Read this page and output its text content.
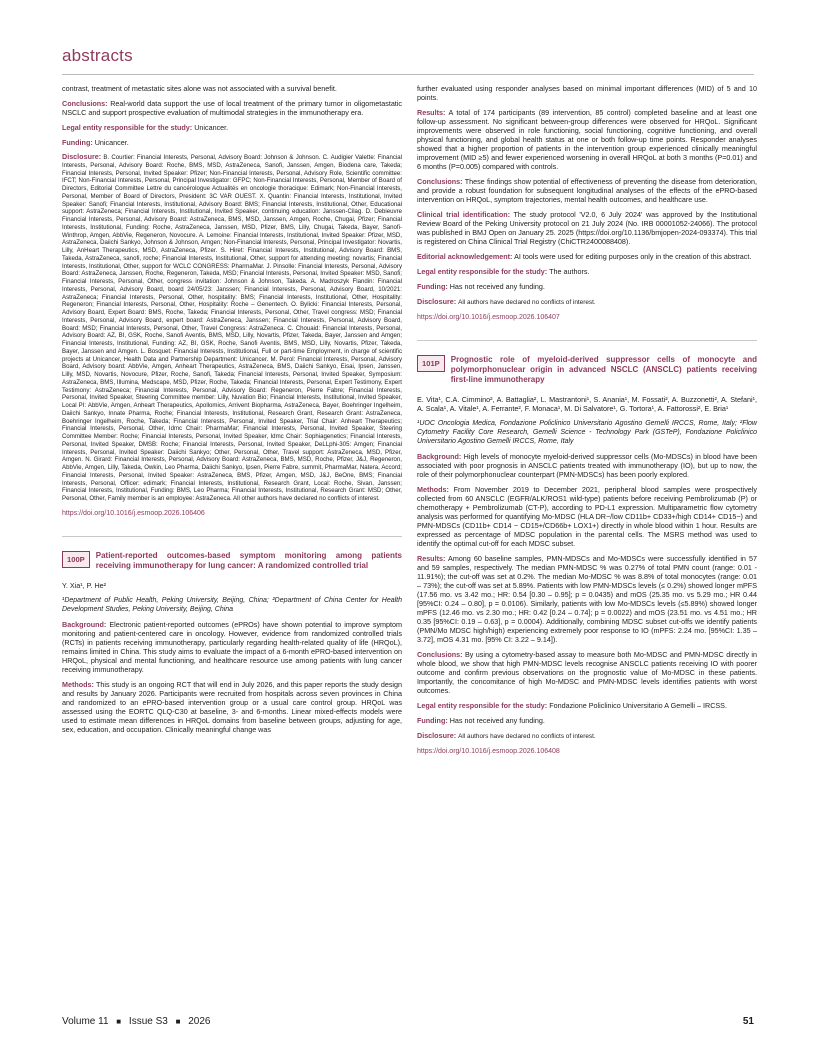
abstracts

contrast, treatment of metastatic sites alone was not associated with a survival benefit.

Conclusions: Real-world data support the use of local treatment of the primary tumor in oligometastatic NSCLC and support prospective evaluation of multimodal strategies in the immunotherapy era.

Legal entity responsible for the study: Unicancer.

Funding: Unicancer.

Disclosure: B. Courtier: Financial Interests, Personal, Advisory Board: Johnson & Johnson. C. Audigier Valette: Financial Interests, Personal, Advisory Board: Roche, BMS, MSD, AstraZeneca, Sanofi, Janssen, Amgen, Biodena care, Takeda; Financial Interests, Personal, Invited Speaker: Pfizer; Non-Financial Interests, Personal, Advisory Role, Scientific committee: IFCT; Non-Financial Interests, Personal, Principal Investigator: GFPC; Non-Financial Interests, Personal, Member of Board of Directors, Editorial Committee Lettre du cancérologue Actualités en oncologie thoracique: Edimark; Non-Financial Interests, Personal, Member of Board of Directors, President: 3C VAR OUEST. X. Quantin: Financial Interests, Institutional, Invited Speaker: Sanofi; Financial Interests, Institutional, Advisory Board: BMS; Financial Interests, Institutional, Other, Educational support: AstraZeneca; Financial Interests, Institutional, Invited Speaker, continuing education: Janssen-Cilag. D. Debieuvre Financial Interests, Personal, Advisory Board: AstraZeneca, BMS, MSD, Janssen, Amgen, Roche, Chugai, Pfizer; Financial Interests, Institutional, Funding: Roche, AstraZeneca, Janssen, MSD, Pfizer, BMS, Lilly, Chugai, Takeda, Bayer, Sanofi-Winthrop, Amgen, AbbVie, Regeneron, Novocure. A. Lemoine: Financial Interests, Institutional, Invited Speaker: Pfizer, MSD, AstraZeneca, Daiichi Sankyo, Johnson & Johnson, Amgen; Non-Financial Interests, Personal, Principal Investigator: Novartis, Lilly, AnHeart Therapeutics, MSD, AstraZeneca, Pfizer. S. Hiret: Financial Interests, Institutional, Advisory Board: BMS, Takeda, AstraZeneca, sanofi, roche; Financial Interests, Institutional, Other, support for attending meeting: novartis; Financial Interests, Institutional, Other, support for WCLC CONGRESS: PharmaMar. J. Pinsolle: Financial Interests, Personal, Advisory Board: AstraZeneca, Janssen, Roche, Regeneron, Takeda, MSD; Financial Interests, Personal, Invited Speaker: MSD, Sanofi; Financial Interests, Personal, Other, congress invitation: Johnson & Johnson, Takeda. A. Madroszyk Flandin: Financial Interests, Personal, Advisory Board, board 24/05/23: Janssen; Financial Interests, Personal, Advisory Board, 10/2021: AstraZeneca; Financial Interests, Personal, Other, hospitality: BMS; Financial Interests, Institutional, Other, Hospitality: Regeneron; Financial Interests, Personal, Other, Hospitality: Roche – Genentech. O. Bylicki: Financial Interests, Personal, Advisory Board, Expert Board: BMS, Roche, Takeda; Financial Interests, Personal, Other, Travel congress: MSD; Financial Interests, Personal, Advisory Board, expert board: AstraZeneca, Janssen; Financial Interests, Personal, Advisory Board, Board: MSD; Financial Interests, Personal, Other, Travel Congress: AstraZeneca. C. Chouaid: Financial Interests, Personal, Advisory Board: AZ, BI, GSK, Roche, Sanofi Aventis, BMS, MSD, Lilly, Novartis, Pfizer, Takeda, Bayer, Janssen and Amgen; Financial Interests, Institutional, Funding: AZ, BI, GSK, Roche, Sanofi Aventis, BMS, MSD, Lilly, Novartis, Pfizer, Takeda, Bayer, Janssen and Amgen. L. Bosquet: Financial Interests, Institutional, Full or part-time Employment, in charge of scientific projects at Unicancer, Health Data and Partnership Department: Unicancer. M. Perol: Financial Interests, Personal, Advisory Board, Advisory board: AbbVie, Amgen, Anheart Therapeutics, AstraZeneca, BMS, Daiichi Sankyo, Eisai, Ipsen, Janssen, Lilly, MSD, Novartis, Novocure, Pfizer, Roche, Sanofi, Takeda; Financial Interests, Personal, Invited Speaker, Symposium: AstraZeneca, BMS, Illumina, Medscape, MSD, Pfizer, Roche, Takeda; Financial Interests, Personal, Expert Testimony, Expert Testimony: AstraZeneca; Financial Interests, Personal, Advisory Board: Regeneron, Pierre Fabre; Financial Interests, Personal, Invited Speaker, Steering Committee member: Lilly, Nuvation Bio; Financial Interests, Institutional, Invited Speaker, Local PI: AbbVie, Amgen, Anheart Therapeutics, Apollomics, Arrivent Biopharma, AstraZeneca, Bayer, Boehringer Ingelheim, Daiichi Sankyo, Innate Pharma, Roche; Financial Interests, Institutional, Research Grant, Research Grant: AstraZeneca, Boehringer Ingelheim, Roche, Takeda; Financial Interests, Personal, Invited Speaker, Trial Chair: Anheart Therapeutics; Financial Interests, Personal, Other, Idmc Chair: PharmaMar; Financial Interests, Personal, Invited Speaker, Steering Committee Member: Roche; Financial Interests, Personal, Invited Speaker, Idmc Chair: Sophiagenetics; Financial Interests, Personal, Invited Speaker, DMSB: Roche; Financial Interests, Personal, Invited Speaker, DeLLphi-305: Amgen; Financial Interests, Personal, Invited Speaker: Daiichi Sankyo; Other, Personal, Other, Travel support: AstraZeneca, MSD, Pfizer, Amgen. N. Girard: Financial Interests, Personal, Advisory Board: AstraZeneca, BMS, MSD, Roche, Pfizer, J&J, Regeneron, AbbVie, Amgen, Lilly, Takeda, Owkin, Leo Pharma, Daiichi Sankyo, Ipsen, Pierre Fabre, summit, PharmaMar, Natera, Accord; Financial Interests, Personal, Invited Speaker: AstraZeneca, BMS, Pfizer, Amgen, MSD, J&J, BeOne, BMS; Financial Interests, Personal, Officer: edimark; Financial Interests, Institutional, Research Grant, Local: Roche, Sivan, Janssen; Financial Interests, Institutional, Funding: BMS, Leo Pharma; Financial Interests, Institutional, Research Grant: MSD; Other, Personal, Other, Family member is an employee: AstraZeneca. All other authors have declared no conflicts of interest.

https://doi.org/10.1016/j.esmoop.2026.106406
100P	Patient-reported outcomes-based symptom monitoring among patients receiving immunotherapy for lung cancer: A randomized controlled trial

Y. Xia¹, P. He²

¹Department of Public Health, Peking University, Beijing, China; ²Department of China Center for Health Development Studies, Peking University, Beijing, China

Background: Electronic patient-reported outcomes (ePROs) have shown potential to improve symptom monitoring and patient-centered care in oncology. However, evidence from randomized controlled trials (RCTs) in patients receiving immunotherapy, particularly regarding health-related quality of life (HRQoL), remains limited in China. This study aims to evaluate the impact of a 6-month ePRO-based intervention on HRQoL, physical and mental functioning, and healthcare resource use among patients with lung cancer receiving immunotherapy.

Methods: This study is an ongoing RCT that will end in July 2026, and this paper reports the study design and results by January 2026. Participants were recruited from hospitals across seven provinces in China and randomized to an ePRO-based intervention group or a usual care control group. HRQoL was assessed using the EORTC QLQ-C30 at baseline, 3- and 6-months. Linear mixed-effects models were used to estimate mean differences in HRQoL domains from baseline between groups, adjusting for age, sex, education, and occupation. Clinically meaningful change was

further evaluated using responder analyses based on minimal important differences (MID) of 5 and 10 points.

Results: A total of 174 participants (89 intervention, 85 control) completed baseline and at least one follow-up assessment. No significant between-group differences were observed for HRQoL. Significant improvements were observed in role functioning, social functioning, cognitive functioning, and overall physical functioning, and global health status at one or both follow-up time points. Responder analyses showed that a higher proportion of patients in the intervention group experienced clinically meaningful improvement (MID ≥5) and fewer experienced worsening in overall HRQoL at both 3 months (P=0.01) and 6 months (P=0.005) compared with controls.

Conclusions: These findings show potential of effectiveness of preventing the disease from deterioration, and provide a robust foundation for subsequent longitudinal analyses of the effects of the ePRO-based intervention on HRQoL, symptom trajectories, mental health outcomes, and healthcare use.

Clinical trial identification: The study protocol 'V2.0, 6 July 2024' was approved by the Institutional Review Board of the Peking University protocol on 21 July 2024 (No. IRB 00001052-24066). The protocol was published in BMJ Open on January 25. 2025 (https://doi.org/10.1136/bmjopen-2024-093374). This trial is registered on China Clinical Trial Registry (ChiCTR2400088408).

Editorial acknowledgement: AI tools were used for editing purposes only in the creation of this abstract.

Legal entity responsible for the study: The authors.

Funding: Has not received any funding.

Disclosure: All authors have declared no conflicts of interest.

https://doi.org/10.1016/j.esmoop.2026.106407
101P	Prognostic role of myeloid-derived suppressor cells of monocyte and polymorphonuclear origin in advanced NSCLC (ANSCLC) patients receiving first-line immunotherapy

E. Vita¹, C.A. Cimmino², A. Battaglia², L. Mastrantoni¹, S. Anania¹, M. Fossati², A. Buzzonetti², A. Stefani¹, A. Scala¹, A. Vitale¹, A. Ferrante², F. Monaca¹, M. Di Salvatore¹, G. Tortora¹, A. Fattorossi², E. Bria¹

¹UOC Oncologia Medica, Fondazione Policlinico Universitario Agostino Gemelli IRCCS, Rome, Italy; ²Flow Cytometry Facility Core Research, Gemelli Science - Technology Park (GSTeP), Fondazione Policlinico Universitario Agostino Gemelli IRCCS, Rome, Italy

Background: High levels of monocyte myeloid-derived suppressor cells (Mo-MDSCs) in blood have been associated with poor prognosis in ANSCLC patients treated with immunotherapy (IO), but up to now, the role of their polymorphonuclear counterpart (PMN-MDSCs) has been poorly explored.

Methods: From November 2019 to December 2021, peripheral blood samples were prospectively collected from 60 ANSCLC (EGFR/ALK/ROS1 wild-type) patients before receiving Pembrolizumab (P) or chemotherapy + Pembrolizumab (CT-P), according to PD-L1 expression. Multiparametric flow cytometry analysis was performed for quantifying Mo-MDSC (HLA DR−/low CD11b+ CD33+/high CD14+ CD15−) and PMN-MDSCs (CD11b+ CD14 − CD15+/CD66b+ LOX1+) directly in whole blood within 1 hour. Results are expressed as percentage of MDSC population in the parental cells. The MSRS method was used to identify the optimal cut-off for each MDSC subset.

Results: Among 60 baseline samples, PMN-MDSCs and Mo-MDSCs were successfully identified in 57 and 59 samples, respectively. The median PMN-MDSC % was 0.27% of total PMN count (range: 0.01 - 11.91%); the cut-off was set at 0.2%. The median Mo-MDSC % was 8.8% of total monocytes (range: 0.01 – 73%); the cut-off was set at 5.89%. Patients with low PMN-MDSCs levels (≤ 0.2%) showed longer mPFS (17.56 mo. vs 3.42 mo.; HR: 0.54 [0.30 – 0.95]; p = 0.0435) and mOS (25.35 mo. vs 5.29 mo.; HR 0.44 [95%CI: 0.24 – 0.80], p = 0.0106). Similarly, patients with low Mo-MDSCs levels (≤5.89%) showed longer mPFS (12.46 mo. vs 2.30 mo.; HR: 0.42 [0.24 – 0.74]; p = 0.0022) and mOS (23.51 mo. vs 4.51 mo.; HR 0.35 [95%CI: 0.19 – 0.63], p = 0.0004). Additionally, combining MDSC subset cut-offs we identify patients (PMN/Mo MDSC high/high) experiencing extremely poor response to IO (mPFS: 2.24 mo. [95%CI: 1.35 – 3.72], mOS 4.31 mo. [95% CI: 3.22 – 9.14]).

Conclusions: By using a cytometry-based assay to measure both Mo-MDSC and PMN-MDSC directly in whole blood, we show that high PMN-MDSC levels recognise ANSCLC patients receiving IO with poorer outcome and confirm previous observations on the prognostic value of Mo-MDSC in these patients. Importantly, the concomitance of high Mo-MDSC and PMN-MDSC levels identifies patients with worst outcomes.

Legal entity responsible for the study: Fondazione Policlinico Universitario A Gemelli – IRCSS.

Funding: Has not received any funding.

Disclosure: All authors have declared no conflicts of interest.

https://doi.org/10.1016/j.esmoop.2026.106408
Volume 11 ■ Issue S3 ■ 2026	51
